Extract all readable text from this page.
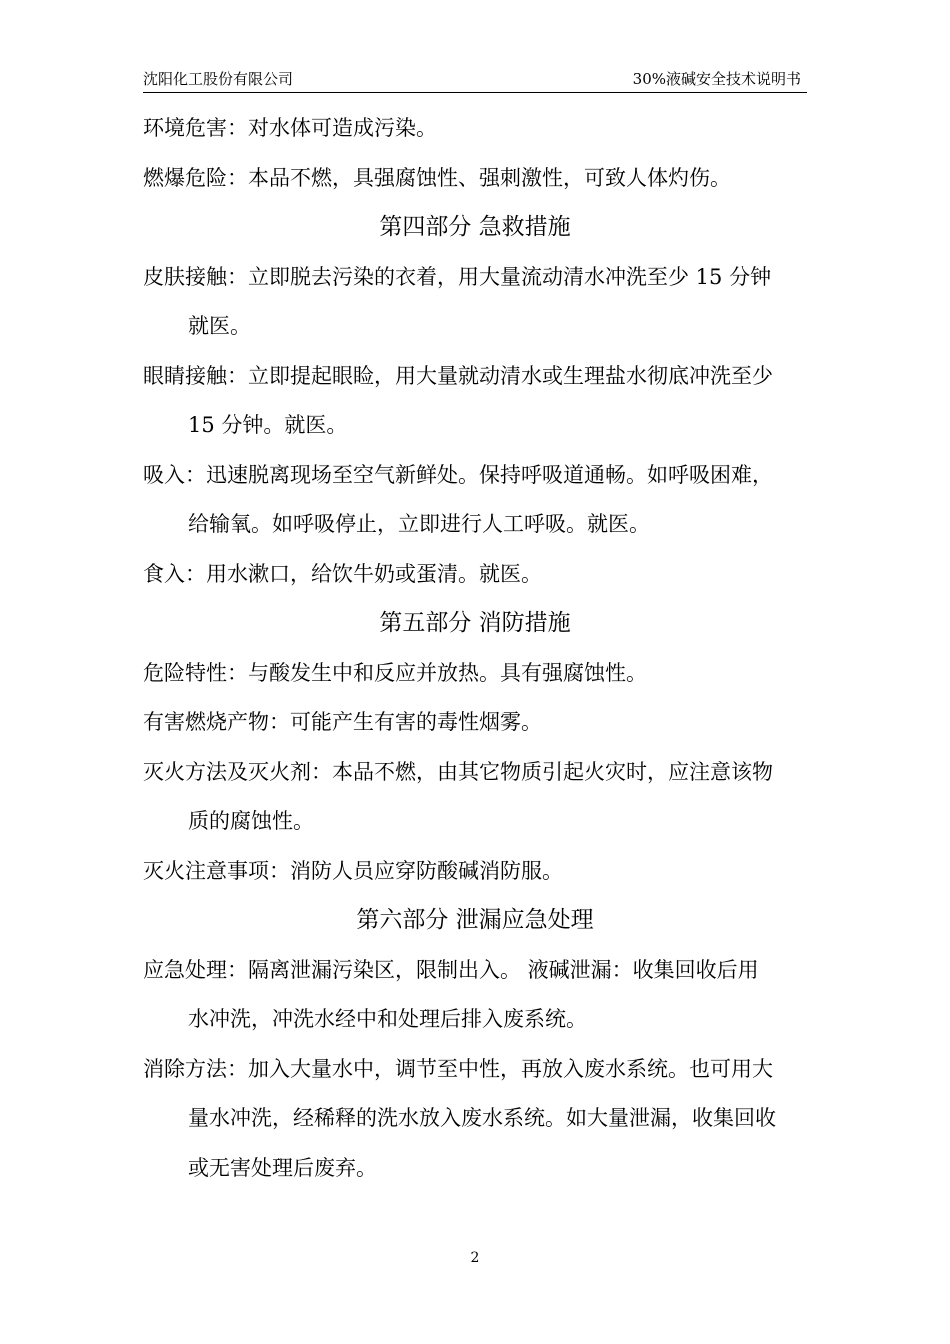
沈阳化工股份有限公司	30%液碱安全技术说明书
环境危害：对水体可造成污染。
燃爆危险：本品不燃，具强腐蚀性、强刺激性，可致人体灼伤。
第四部分 急救措施
皮肤接触：立即脱去污染的衣着，用大量流动清水冲洗至少 15 分钟
就医。
眼睛接触：立即提起眼睑，用大量就动清水或生理盐水彻底冲洗至少
15 分钟。就医。
吸入：迅速脱离现场至空气新鲜处。保持呼吸道通畅。如呼吸困难，
给输氧。如呼吸停止，立即进行人工呼吸。就医。
食入：用水漱口，给饮牛奶或蛋清。就医。
第五部分 消防措施
危险特性：与酸发生中和反应并放热。具有强腐蚀性。
有害燃烧产物：可能产生有害的毒性烟雾。
灭火方法及灭火剂：本品不燃，由其它物质引起火灾时，应注意该物
质的腐蚀性。
灭火注意事项：消防人员应穿防酸碱消防服。
第六部分 泄漏应急处理
应急处理：隔离泄漏污染区，限制出入。 液碱泄漏：收集回收后用
水冲洗，冲洗水经中和处理后排入废系统。
消除方法：加入大量水中，调节至中性，再放入废水系统。也可用大
量水冲洗，经稀释的洗水放入废水系统。如大量泄漏，收集回收
或无害处理后废弃。
2
